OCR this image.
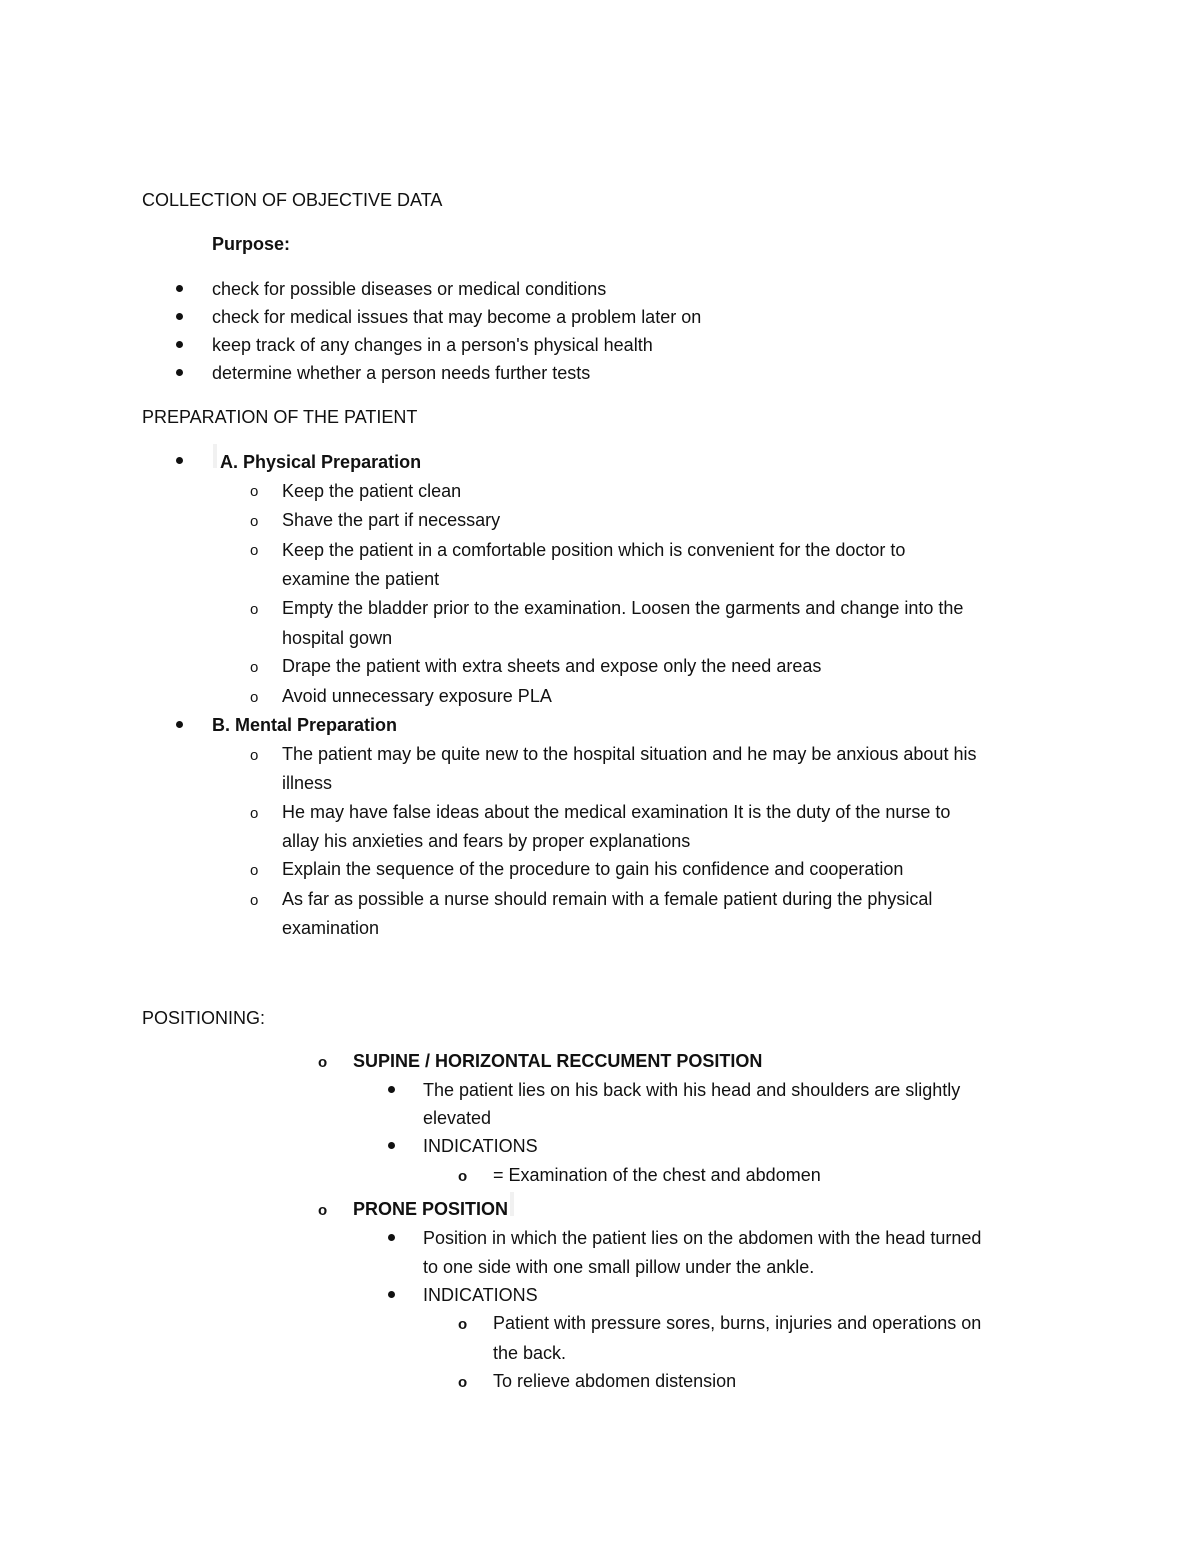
COLLECTION OF OBJECTIVE DATA
Purpose:
check for possible diseases or medical conditions
check for medical issues that may become a problem later on
keep track of any changes in a person's physical health
determine whether a person needs further tests
PREPARATION OF THE PATIENT
A. Physical Preparation
o Keep the patient clean
o Shave the part if necessary
o Keep the patient in a comfortable position which is convenient for the doctor to
examine the patient
o Empty the bladder prior to the examination. Loosen the garments and change into the
hospital gown
o Drape the patient with extra sheets and expose only the need areas
o Avoid unnecessary exposure PLA
B. Mental Preparation
o The patient may be quite new to the hospital situation and he may be anxious about his
illness
o He may have false ideas about the medical examination It is the duty of the nurse to
allay his anxieties and fears by proper explanations
o Explain the sequence of the procedure to gain his confidence and cooperation
o As far as possible a nurse should remain with a female patient during the physical
examination
POSITIONING:
o SUPINE / HORIZONTAL RECCUMENT POSITION
The patient lies on his back with his head and shoulders are slightly
elevated
INDICATIONS
o = Examination of the chest and abdomen
o PRONE POSITION
Position in which the patient lies on the abdomen with the head turned
to one side with one small pillow under the ankle.
INDICATIONS
o Patient with pressure sores, burns, injuries and operations on
the back.
o To relieve abdomen distension
